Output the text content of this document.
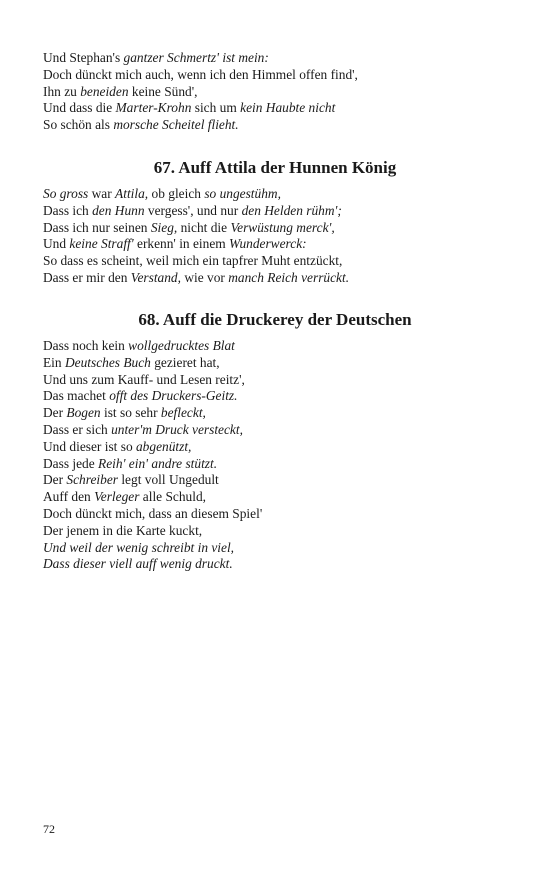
Und Stephan's gantzer Schmertz' ist mein:
Doch dünckt mich auch, wenn ich den Himmel offen find',
Ihn zu beneiden keine Sünd',
Und dass die Marter-Krohn sich um kein Haubte nicht
So schön als morsche Scheitel flieht.
67. Auff Attila der Hunnen König
So gross war Attila, ob gleich so ungestühm,
Dass ich den Hunn vergess', und nur den Helden rühm';
Dass ich nur seinen Sieg, nicht die Verwüstung merck',
Und keine Straff' erkenn' in einem Wunderwerck:
So dass es scheint, weil mich ein tapfrer Muht entzückt,
Dass er mir den Verstand, wie vor manch Reich verrückt.
68. Auff die Druckerey der Deutschen
Dass noch kein wollgedrucktes Blat
Ein Deutsches Buch gezieret hat,
Und uns zum Kauff- und Lesen reitz',
Das machet offt des Druckers-Geitz.
Der Bogen ist so sehr befleckt,
Dass er sich unter'm Druck versteckt,
Und dieser ist so abgenützt,
Dass jede Reih' ein' andre stützt.
Der Schreiber legt voll Ungedult
Auff den Verleger alle Schuld,
Doch dünckt mich, dass an diesem Spiel'
Der jenem in die Karte kuckt,
Und weil der wenig schreibt in viel,
Dass dieser viell auff wenig druckt.
72
